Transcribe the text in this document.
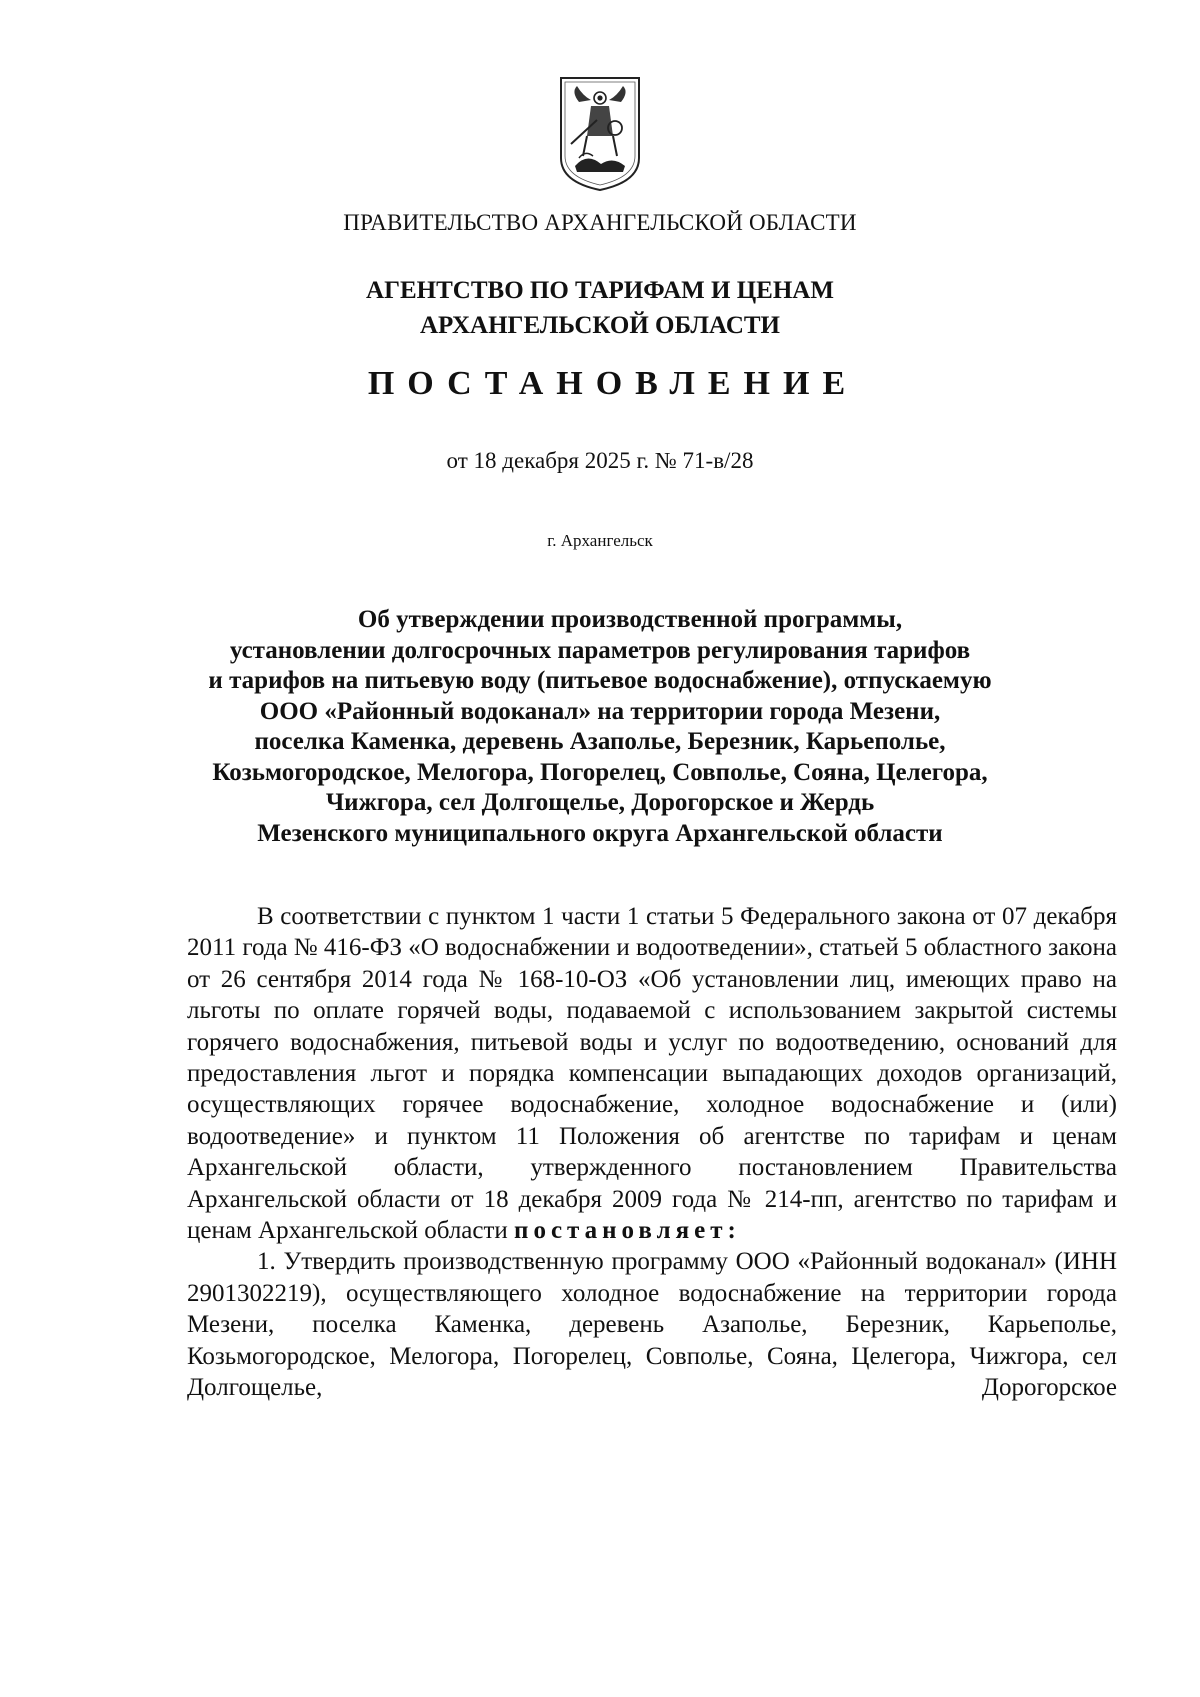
ПРАВИТЕЛЬСТВО АРХАНГЕЛЬСКОЙ ОБЛАСТИ
АГЕНТСТВО ПО ТАРИФАМ И ЦЕНАМ
АРХАНГЕЛЬСКОЙ ОБЛАСТИ
ПОСТАНОВЛЕНИЕ
от 18 декабря 2025 г. № 71-в/28
г. Архангельск
Об утверждении производственной программы,
установлении долгосрочных параметров регулирования тарифов
и тарифов на питьевую воду (питьевое водоснабжение), отпускаемую
ООО «Районный водоканал» на территории города Мезени,
поселка Каменка, деревень Азаполье, Березник, Карьеполье,
Козьмогородское, Мелогора, Погорелец, Совполье, Сояна, Целегора,
Чижгора, сел Долгощелье, Дорогорское и Жердь
Мезенского муниципального округа Архангельской области

В соответствии с пунктом 1 части 1 статьи 5 Федерального закона от 07 декабря 2011 года № 416-ФЗ «О водоснабжении и водоотведении», статьей 5 областного закона от 26 сентября 2014 года № 168-10-ОЗ «Об установлении лиц, имеющих право на льготы по оплате горячей воды, подаваемой с использованием закрытой системы горячего водоснабжения, питьевой воды и услуг по водоотведению, оснований для предоставления льгот и порядка компенсации выпадающих доходов организаций, осуществляющих горячее водоснабжение, холодное водоснабжение и (или) водоотведение» и пунктом 11 Положения об агентстве по тарифам и ценам Архангельской области, утвержденного постановлением Правительства Архангельской области от 18 декабря 2009 года № 214-пп, агентство по тарифам и ценам Архангельской области постановляет:

1. Утвердить производственную программу ООО «Районный водоканал» (ИНН 2901302219), осуществляющего холодное водоснабжение на территории города Мезени, поселка Каменка, деревень Азаполье, Березник, Карьеполье, Козьмогородское, Мелогора, Погорелец, Совполье, Сояна, Целегора, Чижгора, сел Долгощелье, Дорогорское
